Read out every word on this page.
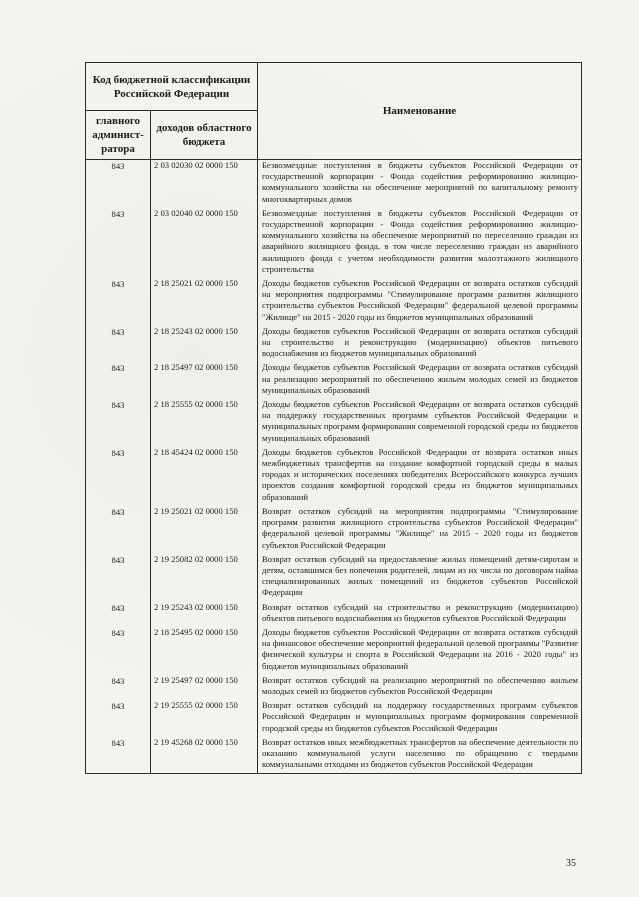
Код бюджетной классификации Российской Федерации		Наименование
главного админист- ратора	доходов областного бюджета	
843	2 03 02030 02 0000 150	Безвозмездные поступления в бюджеты субъектов Российской Федерации от государственной корпорации - Фонда содействия реформированию жилищно-коммунального хозяйства на обеспечение мероприятий по капитальному ремонту многоквартирных домов
843	2 03 02040 02 0000 150	Безвозмездные поступления в бюджеты субъектов Российской Федерации от государственной корпорации - Фонда содействия реформированию жилищно-коммунального хозяйства на обеспечение мероприятий по переселению граждан из аварийного жилищного фонда, в том числе переселению граждан из аварийного жилищного фонда с учетом необходимости развития малоэтажного жилищного строительства
843	2 18 25021 02 0000 150	Доходы бюджетов субъектов Российской Федерации от возврата остатков субсидий на мероприятия подпрограммы "Стимулирование программ развития жилищного строительства субъектов Российской Федерации" федеральной целевой программы "Жилище" на 2015 - 2020 годы из бюджетов муниципальных образований
843	2 18 25243 02 0000 150	Доходы бюджетов субъектов Российской Федерации от возврата остатков субсидий на строительство и реконструкцию (модернизацию) объектов питьевого водоснабжения из бюджетов муниципальных образований
843	2 18 25497 02 0000 150	Доходы бюджетов субъектов Российской Федерации от возврата остатков субсидий на реализацию мероприятий по обеспечению жильем молодых семей из бюджетов муниципальных образований
843	2 18 25555 02 0000 150	Доходы бюджетов субъектов Российской Федерации от возврата остатков субсидий на поддержку государственных программ субъектов Российской Федерации и муниципальных программ формирования современной городской среды из бюджетов муниципальных образований
843	2 18 45424 02 0000 150	Доходы бюджетов субъектов Российской Федерации от возврата остатков иных межбюджетных трансфертов на создание комфортной городской среды в малых городах и исторических поселениях победителях Всероссийского конкурса лучших проектов создания комфортной городской среды из бюджетов муниципальных образований
843	2 19 25021 02 0000 150	Возврат остатков субсидий на мероприятия подпрограммы "Стимулирование программ развития жилищного строительства субъектов Российской Федерации" федеральной целевой программы "Жилище" на 2015 - 2020 годы из бюджетов субъектов Российской Федерации
843	2 19 25082 02 0000 150	Возврат остатков субсидий на предоставление жилых помещений детям-сиротам и детям, оставшимся без попечения родителей, лицам из их числа по договорам найма специализированных жилых помещений из бюджетов субъектов Российской Федерации
843	2 19 25243 02 0000 150	Возврат остатков субсидий на строительство и реконструкцию (модернизацию) объектов питьевого водоснабжения из бюджетов субъектов Российской Федерации
843	2 18 25495 02 0000 150	Доходы бюджетов субъектов Российской Федерации от возврата остатков субсидий на финансовое обеспечение мероприятий федеральной целевой программы "Развитие физической культуры и спорта в Российской Федерации на 2016 - 2020 годы" из бюджетов муниципальных образований
843	2 19 25497 02 0000 150	Возврат остатков субсидий на реализацию мероприятий по обеспечению жильем молодых семей из бюджетов субъектов Российской Федерации
843	2 19 25555 02 0000 150	Возврат остатков субсидий на поддержку государственных программ субъектов Российской Федерации и муниципальных программ формирования современной городской среды из бюджетов субъектов Российской Федерации
843	2 19 45268 02 0000 150	Возврат остатков иных межбюджетных трансфертов на обеспечение деятельности по оказанию коммунальной услуги населению по обращению с твердыми коммунальными отходами из бюджетов субъектов Российской Федерации
35
